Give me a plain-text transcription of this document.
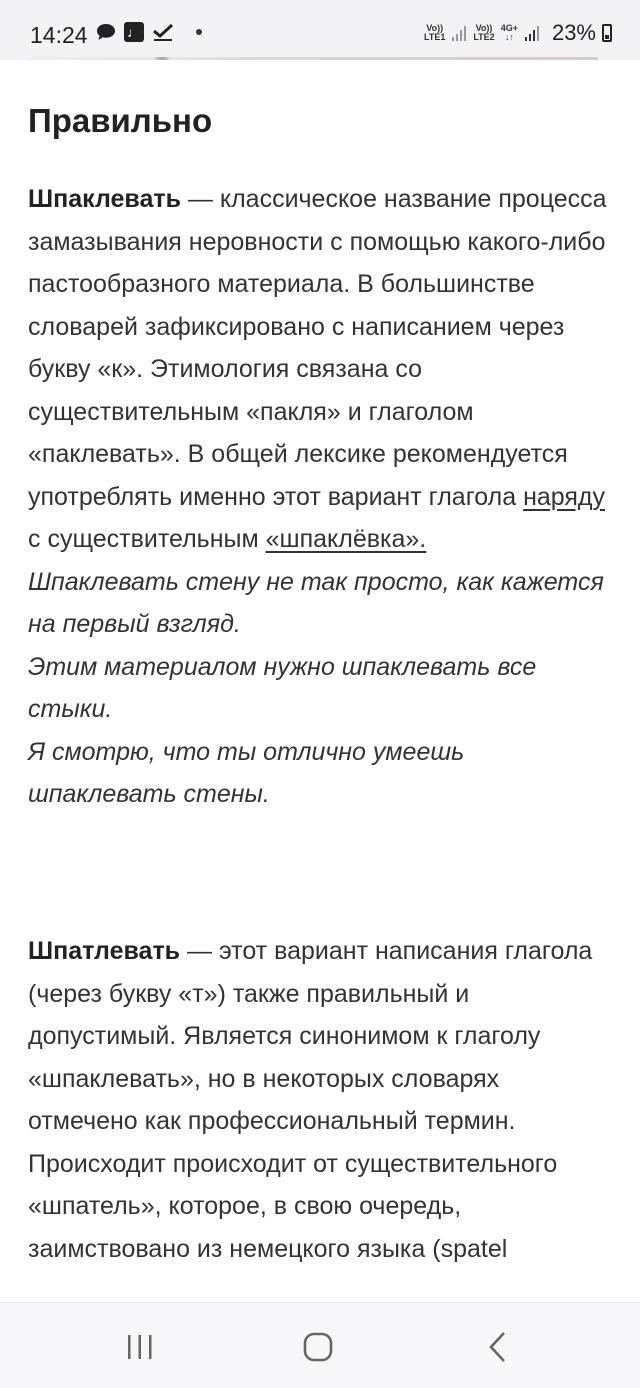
14:24	♩	Vo))
LTE1
Vo))
LTE2
4G+
↓↑ 23%
Правильно

Шпаклевать — классическое название процесса замазывания неровности с помощью какого-либо пастообразного материала. В большинстве словарей зафиксировано с написанием через букву «к». Этимология связана со существительным «пакля» и глаголом «паклевать». В общей лексике рекомендуется употреблять именно этот вариант глагола наряду с существительным «шпаклёвка».
Шпаклевать стену не так просто, как кажется на первый взгляд.
Этим материалом нужно шпаклевать все стыки.
Я смотрю, что ты отлично умеешь шпаклевать стены.

Шпатлевать — этот вариант написания глагола (через букву «т») также правильный и допустимый. Является синонимом к глаголу «шпаклевать», но в некоторых словарях отмечено как профессиональный термин. Происходит происходит от существительного «шпатель», которое, в свою очередь, заимствовано из немецкого языка (spatel
